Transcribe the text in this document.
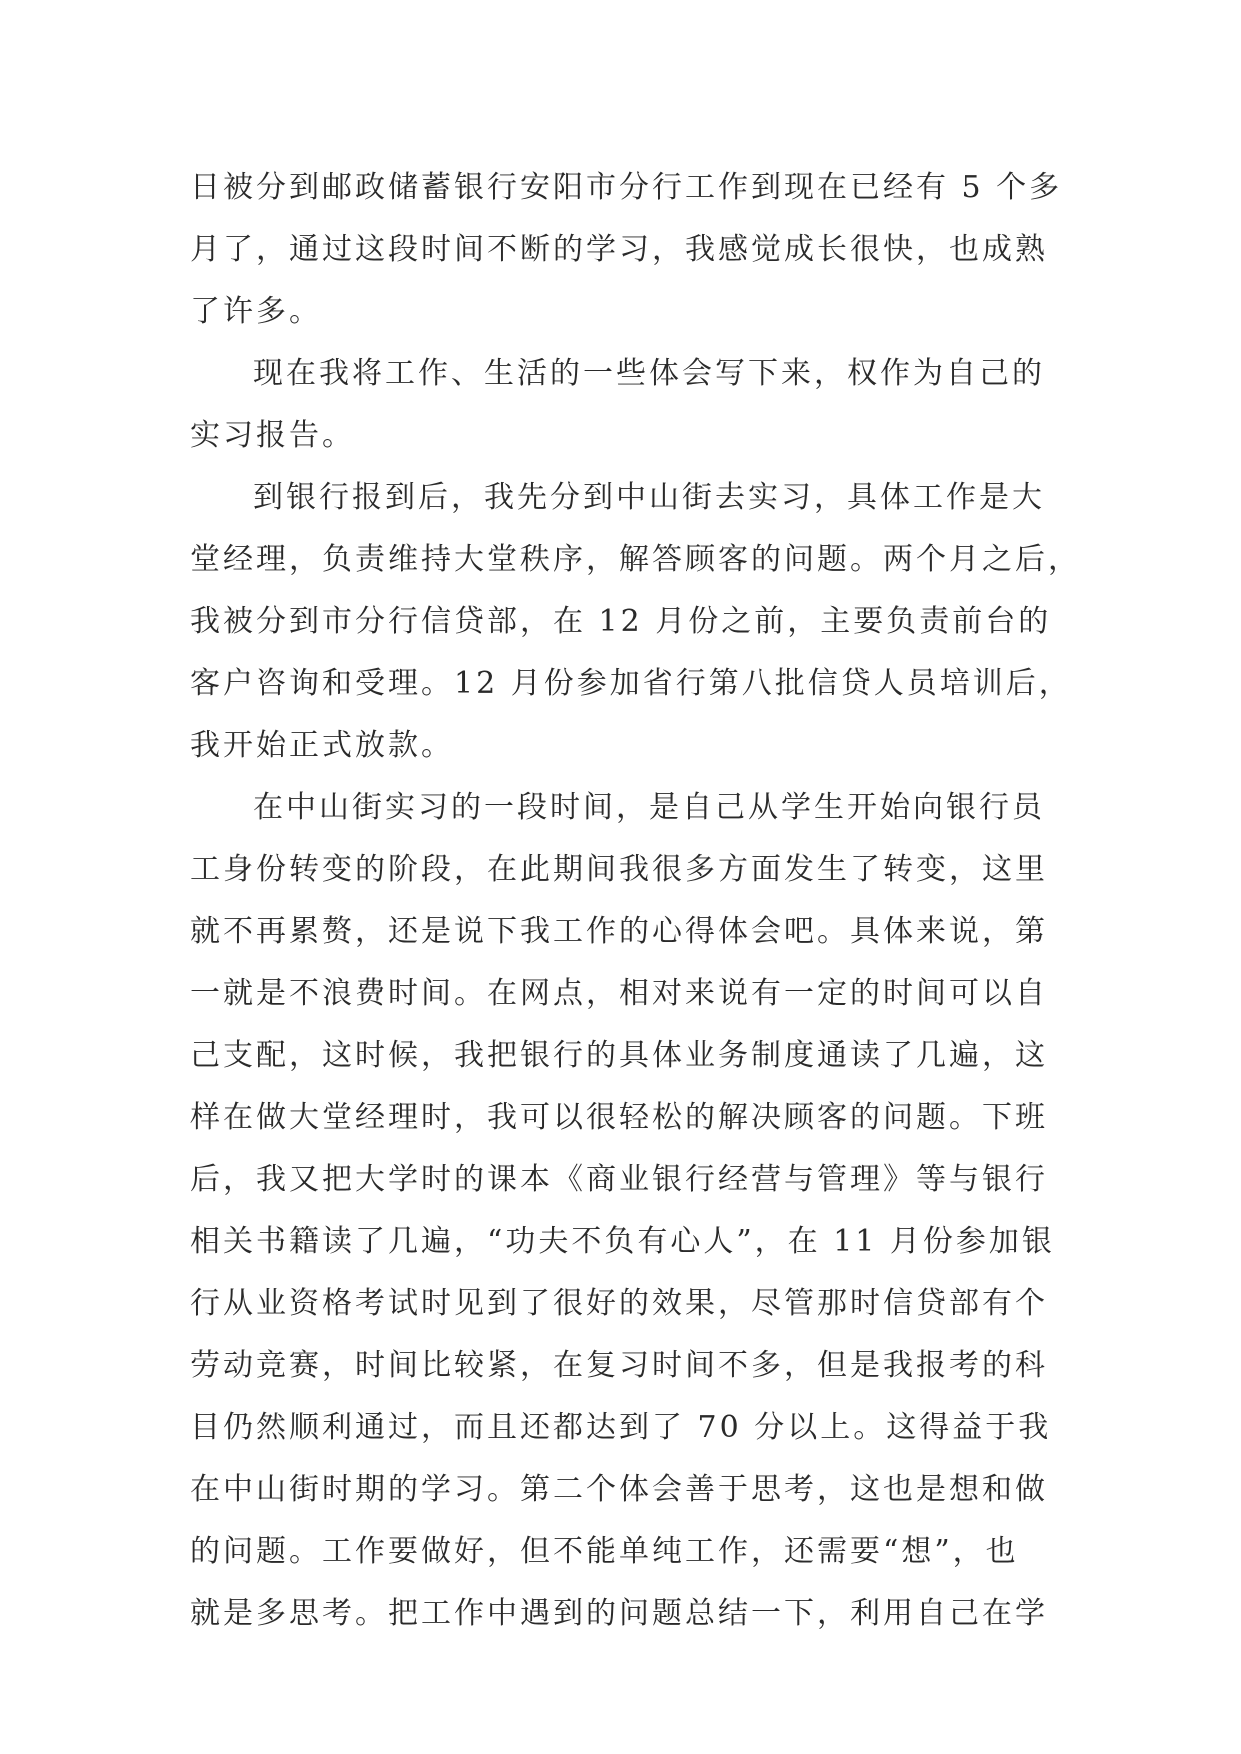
日被分到邮政储蓄银行安阳市分行工作到现在已经有 5 个多
月了，通过这段时间不断的学习，我感觉成长很快，也成熟
了许多。

现在我将工作、生活的一些体会写下来，权作为自己的
实习报告。

到银行报到后，我先分到中山街去实习，具体工作是大
堂经理，负责维持大堂秩序，解答顾客的问题。两个月之后，
我被分到市分行信贷部，在 12 月份之前，主要负责前台的
客户咨询和受理。12 月份参加省行第八批信贷人员培训后，
我开始正式放款。

在中山街实习的一段时间，是自己从学生开始向银行员
工身份转变的阶段，在此期间我很多方面发生了转变，这里
就不再累赘，还是说下我工作的心得体会吧。具体来说，第
一就是不浪费时间。在网点，相对来说有一定的时间可以自
己支配，这时候，我把银行的具体业务制度通读了几遍，这
样在做大堂经理时，我可以很轻松的解决顾客的问题。下班
后，我又把大学时的课本《商业银行经营与管理》等与银行
相关书籍读了几遍，“功夫不负有心人”，在 11 月份参加银
行从业资格考试时见到了很好的效果，尽管那时信贷部有个
劳动竞赛，时间比较紧，在复习时间不多，但是我报考的科
目仍然顺利通过，而且还都达到了 70 分以上。这得益于我
在中山街时期的学习。第二个体会善于思考，这也是想和做
的问题。工作要做好，但不能单纯工作，还需要“想”，也
就是多思考。把工作中遇到的问题总结一下，利用自己在学
